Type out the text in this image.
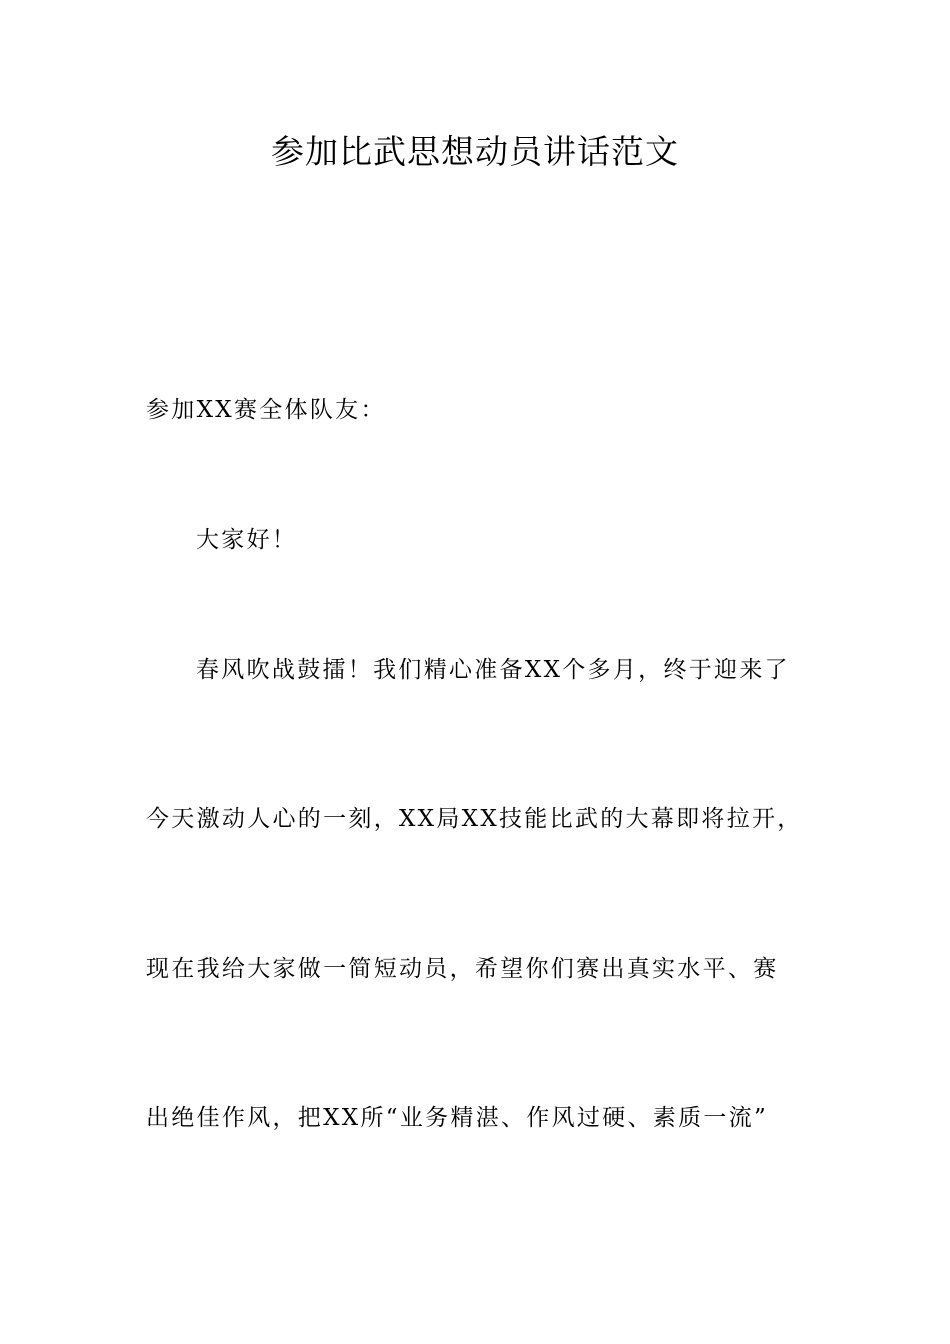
参加比武思想动员讲话范文
参加XX赛全体队友：
大家好！
春风吹战鼓擂！我们精心准备XX个多月，终于迎来了
今天激动人心的一刻，XX局XX技能比武的大幕即将拉开，
现在我给大家做一简短动员，希望你们赛出真实水平、赛
出绝佳作风，把XX所“业务精湛、作风过硬、素质一流”
